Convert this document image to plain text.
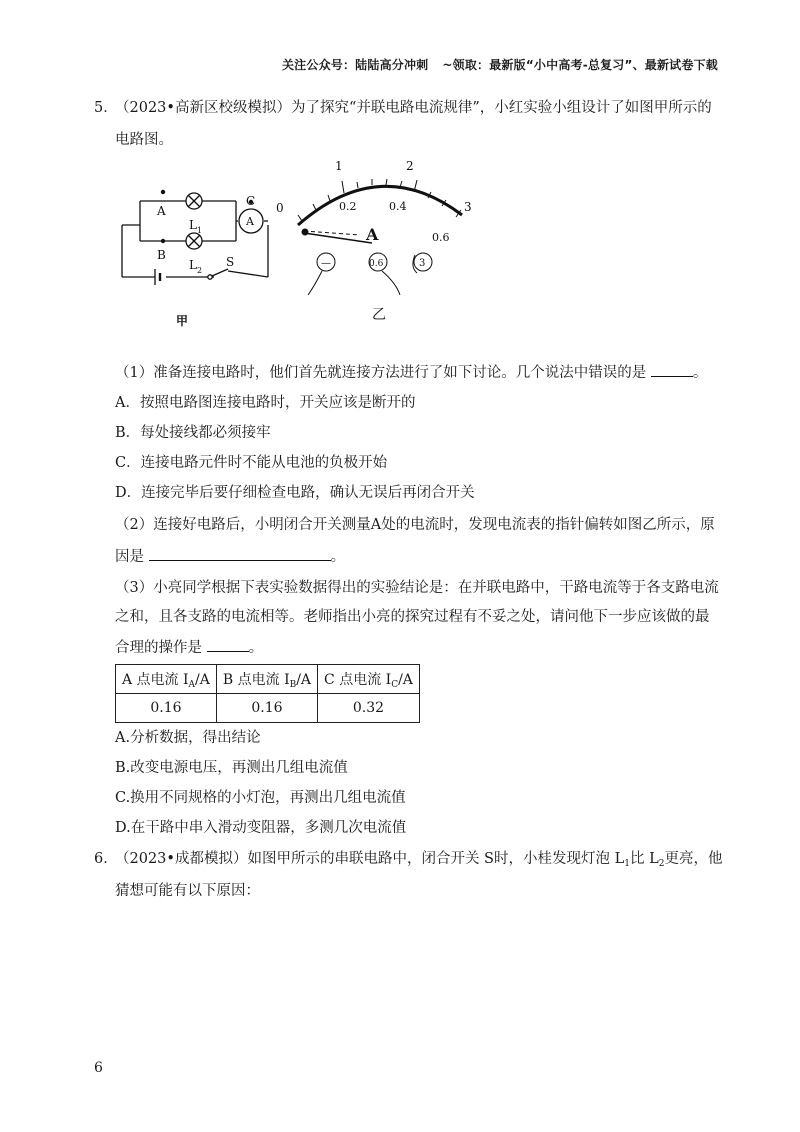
关注公众号：陆陆高分冲刺 ~领取：最新版“小中高考-总复习”、最新试卷下载
5．
（2023•高新区校级模拟）为了探究“并联电路电流规律”，小红实验小组设计了如图甲所示的
电路图。
A
B
C
A
L 1
L 2
S
甲
0
1	2
3
0.2	0.4
0.6
A
—	0.6	3
乙
（1）准备连接电路时，他们首先就连接方法进行了如下讨论。几个说法中错误的是	。
A．按照电路图连接电路时，开关应该是断开的
B．每处接线都必须接牢
C．连接电路元件时不能从电池的负极开始
D．连接完毕后要仔细检查电路，确认无误后再闭合开关
（2）连接好电路后，小明闭合开关测量A处的电流时，发现电流表的指针偏转如图乙所示，原
因是	。
（3）小亮同学根据下表实验数据得出的实验结论是：在并联电路中，干路电流等于各支路电流
之和，且各支路的电流相等。老师指出小亮的探究过程有不妥之处，请问他下一步应该做的最
合理的操作是	。
A 点电流 $I_A/A$	B 点电流 $I_B/A$	C 点电流 $I_C/A$
0.16	0.16	0.32
A.分析数据，得出结论
B.改变电源电压，再测出几组电流值
C.换用不同规格的小灯泡，再测出几组电流值
D.在干路中串入滑动变阻器，多测几次电流值
6．
（2023•成都模拟）如图甲所示的串联电路中，闭合开关 S时，小桂发现灯泡 $L_1$比 $L_2$更亮，他
猜想可能有以下原因：
6
